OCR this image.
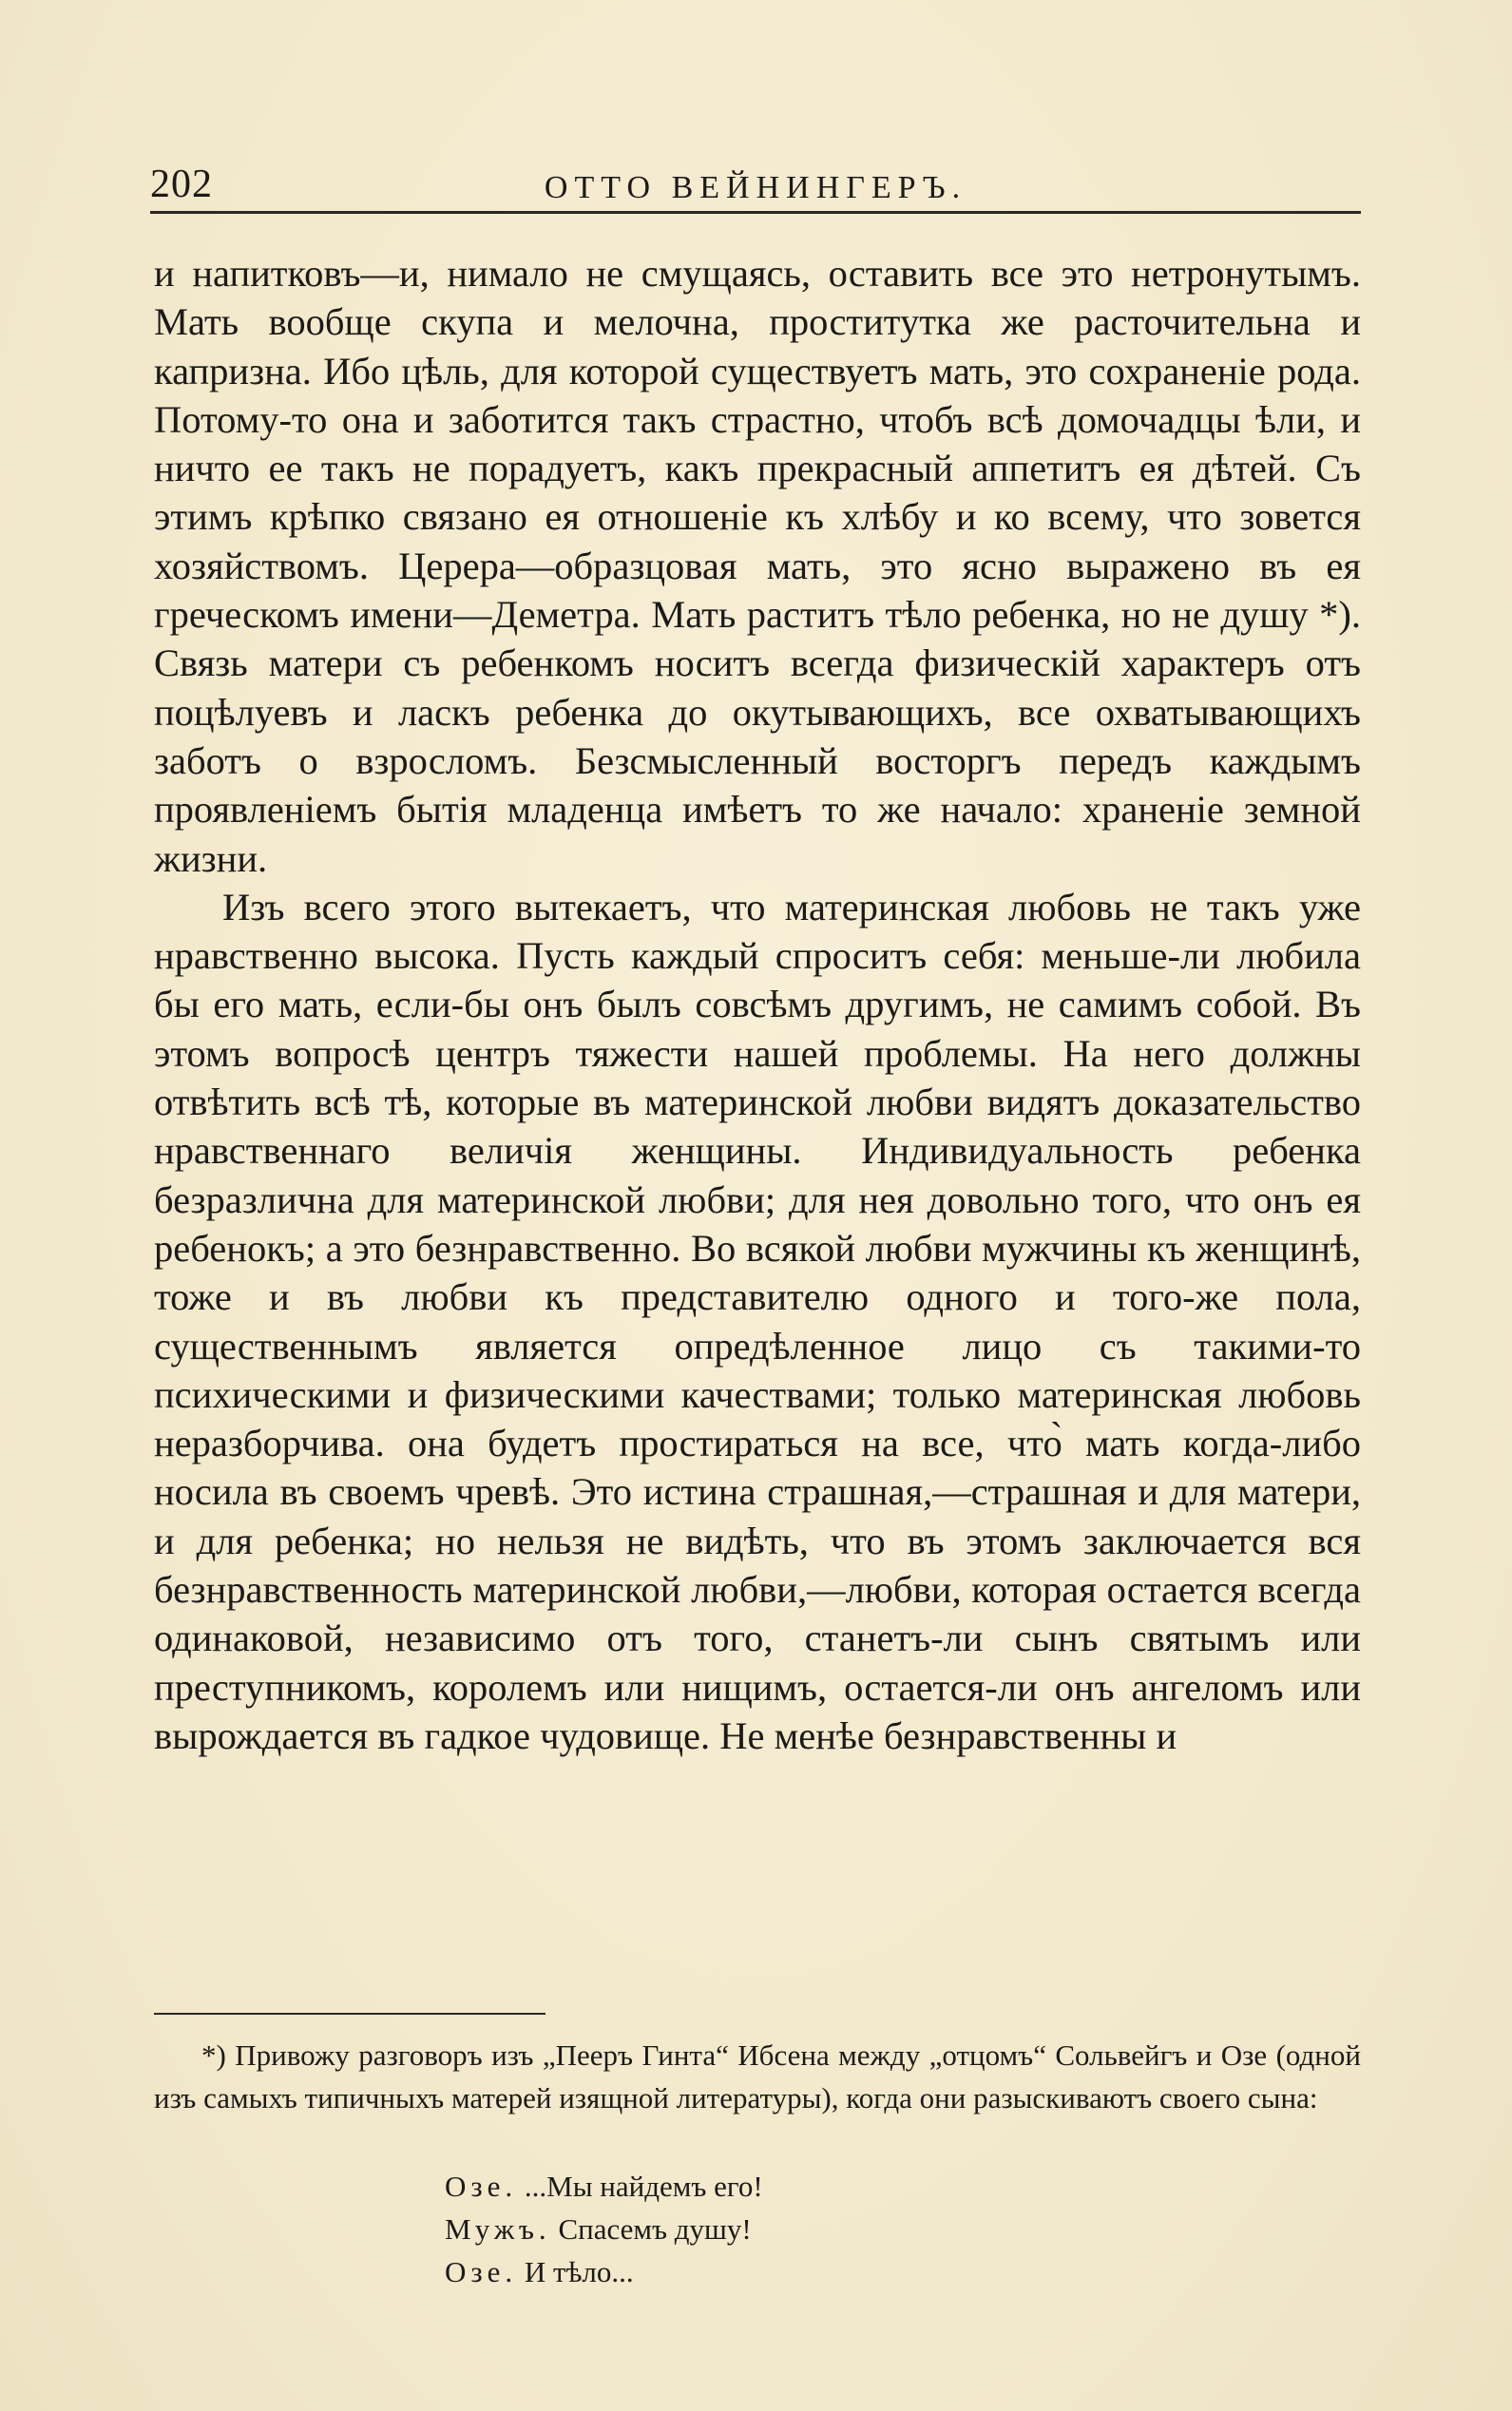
202	ОТТО ВЕЙНИНГЕРЪ.

и напитковъ—и, нимало не смущаясь, оставить все это нетронутымъ. Мать вообще скупа и мелочна, проститутка же расточительна и капризна. Ибо цѣль, для которой существуетъ мать, это сохраненіе рода. Потому-то она и заботится такъ страстно, чтобъ всѣ домочадцы ѣли, и ничто ее такъ не порадуетъ, какъ прекрасный аппетитъ ея дѣтей. Съ этимъ крѣпко связано ея отношеніе къ хлѣбу и ко всему, что зовется хозяйствомъ. Церера—образцовая мать, это ясно выражено въ ея греческомъ имени—Деметра. Мать раститъ тѣло ребенка, но не душу *). Связь матери съ ребенкомъ носитъ всегда физическій характеръ отъ поцѣлуевъ и ласкъ ребенка до окутывающихъ, все охватывающихъ заботъ о взросломъ. Безсмысленный восторгъ передъ каждымъ проявленіемъ бытія младенца имѣетъ то же начало: храненіе земной жизни.

Изъ всего этого вытекаетъ, что материнская любовь не такъ уже нравственно высока. Пусть каждый спроситъ себя: меньше-ли любила бы его мать, если-бы онъ былъ совсѣмъ другимъ, не самимъ собой. Въ этомъ вопросѣ центръ тяжести нашей проблемы. На него должны отвѣтить всѣ тѣ, которые въ материнской любви видятъ доказательство нравственнаго величія женщины. Индивидуальность ребенка безразлична для материнской любви; для нея довольно того, что онъ ея ребенокъ; а это безнравственно. Во всякой любви мужчины къ женщинѣ, тоже и въ любви къ представителю одного и того-же пола, существеннымъ является опредѣленное лицо съ такими-то психическими и физическими качествами; только материнская любовь неразборчива. она будетъ простираться на все, что̀ мать когда-либо носила въ своемъ чревѣ. Это истина страшная,—страшная и для матери, и для ребенка; но нельзя не видѣть, что въ этомъ заключается вся безнравственность материнской любви,—любви, которая остается всегда одинаковой, независимо отъ того, станетъ-ли сынъ святымъ или преступникомъ, королемъ или нищимъ, остается-ли онъ ангеломъ или вырождается въ гадкое чудовище. Не менѣе безнравственны и

*) Привожу разговоръ изъ „Пееръ Гинта“ Ибсена между „отцомъ“ Сольвейгъ и Озе (одной изъ самыхъ типичныхъ матерей изящной литературы), когда они разыскиваютъ своего сына:

Озе. ...Мы найдемъ его!
Мужъ. Спасемъ душу!
Озе. И тѣло...
